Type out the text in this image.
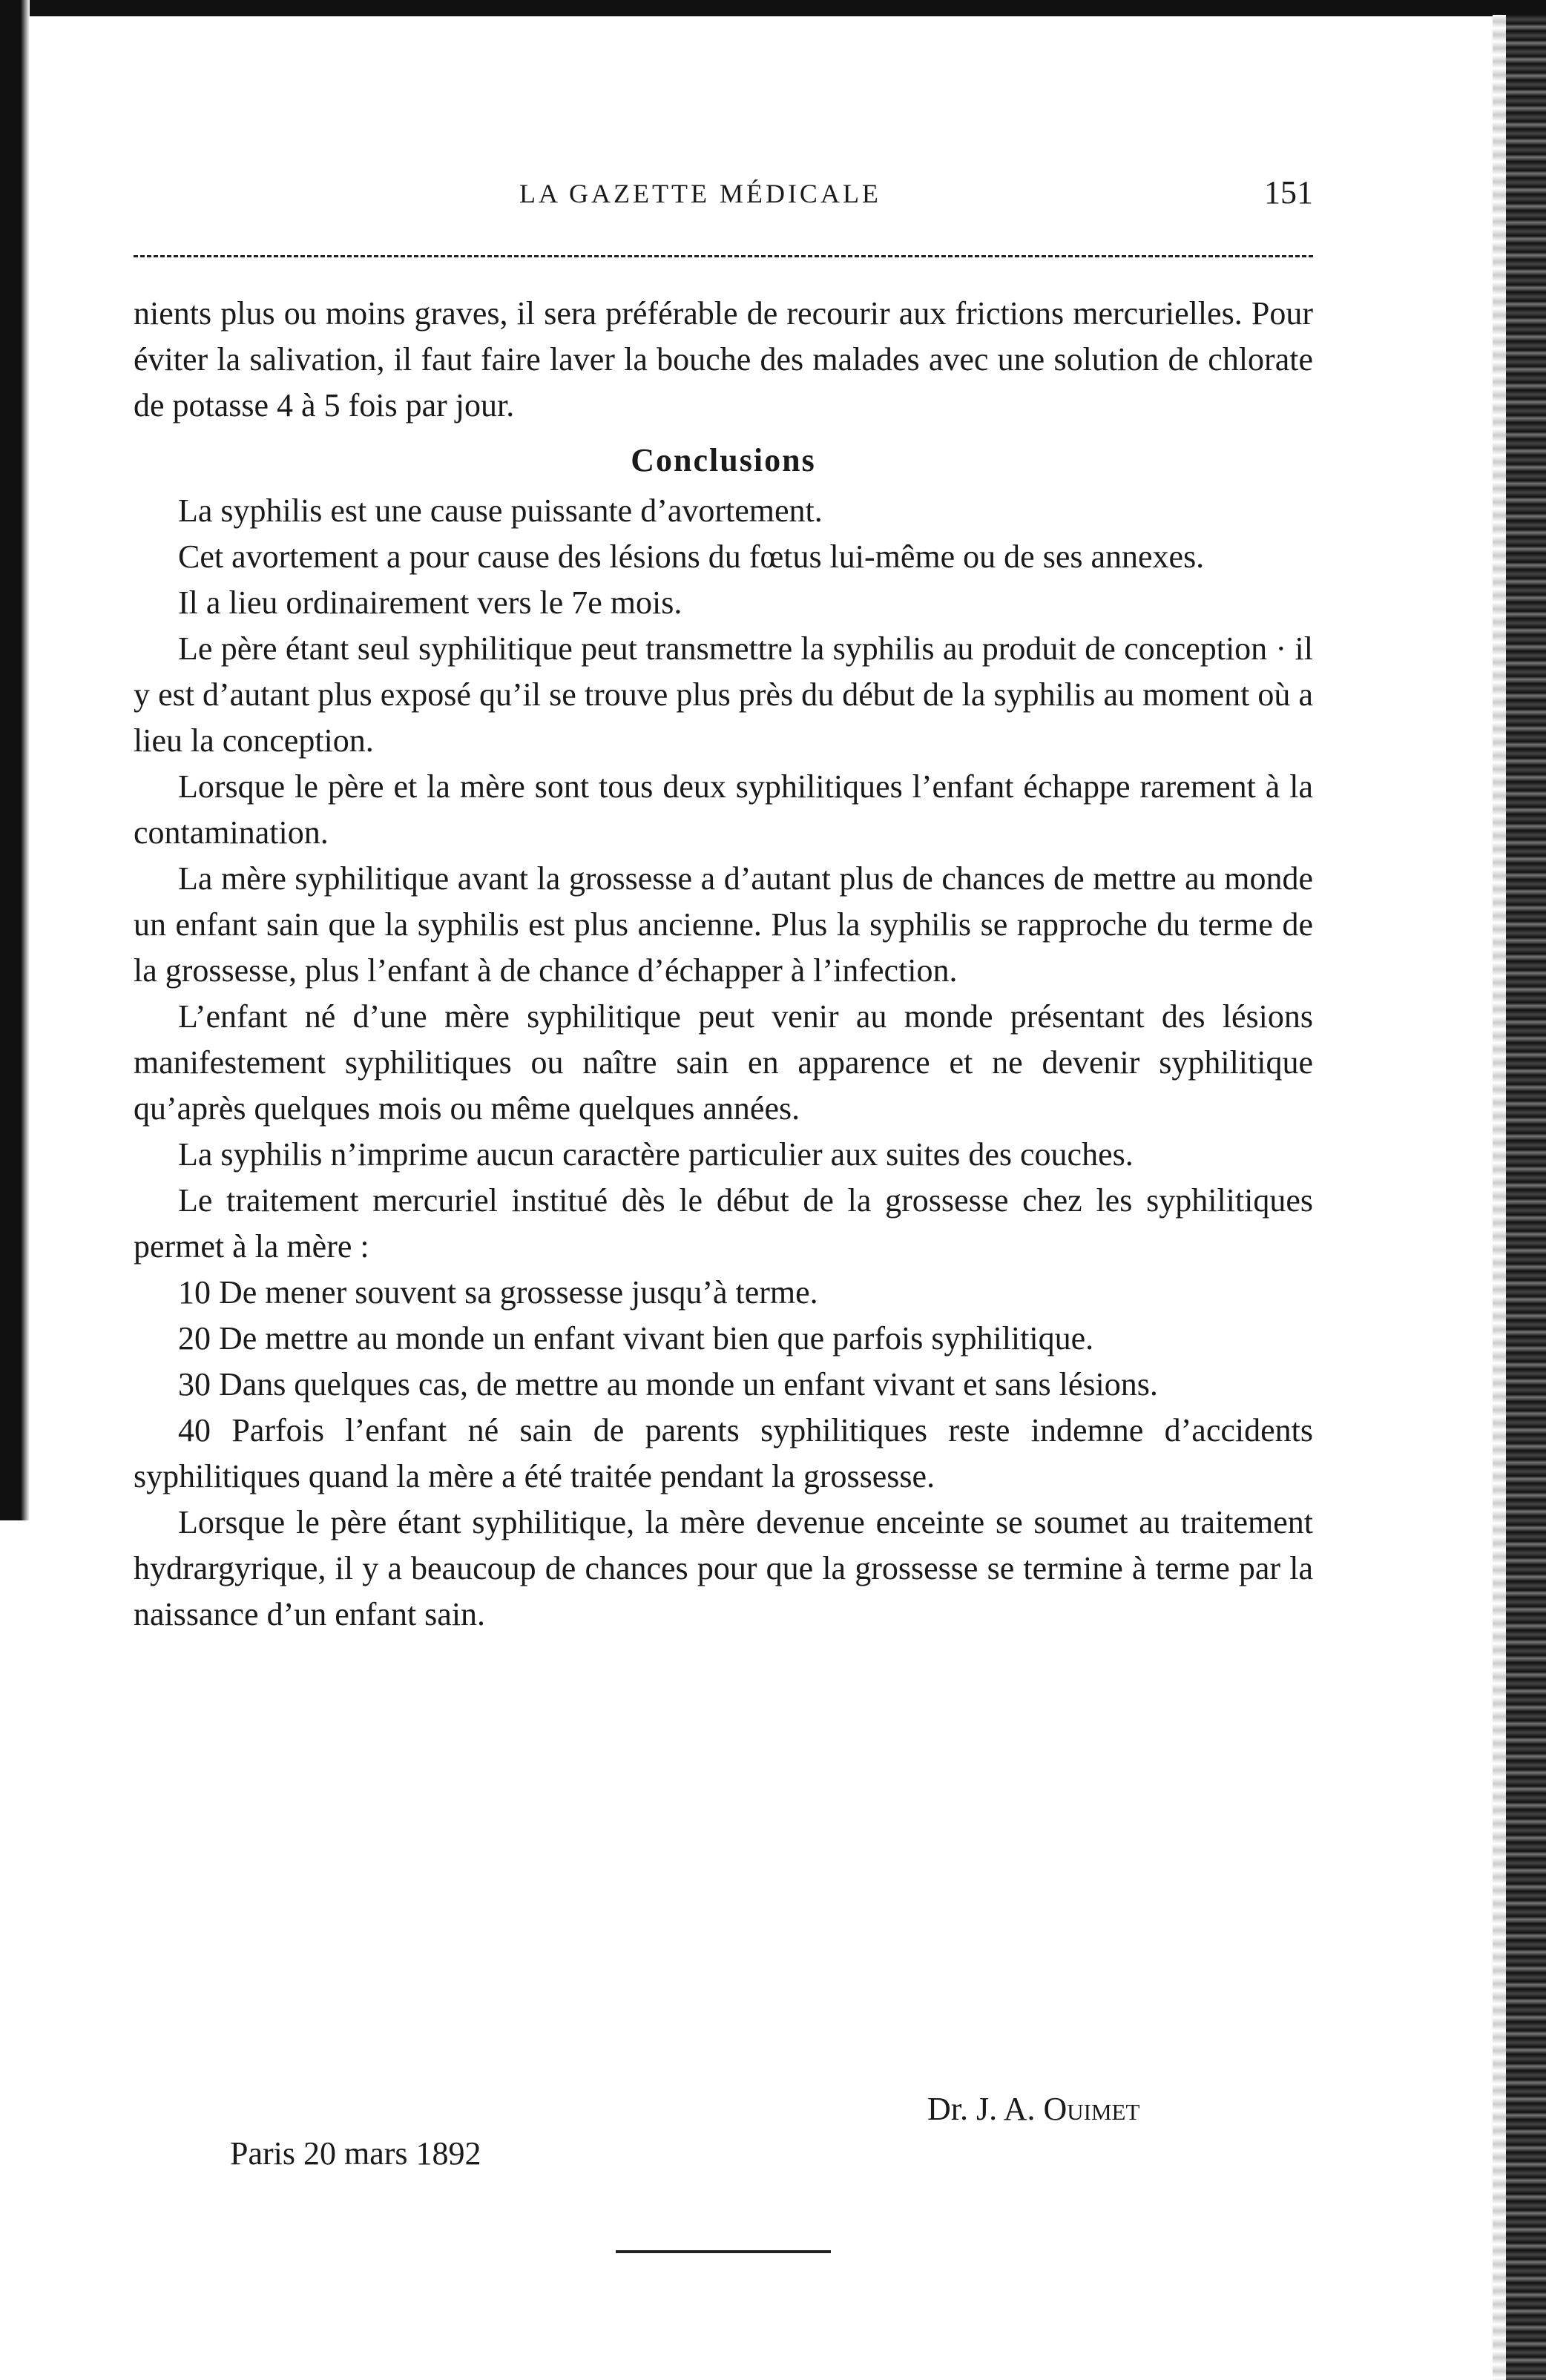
LA GAZETTE MÉDICALE	151

nients plus ou moins graves, il sera préférable de recourir aux frictions mercurielles. Pour éviter la salivation, il faut faire laver la bouche des malades avec une solution de chlorate de potasse 4 à 5 fois par jour.

Conclusions

La syphilis est une cause puissante d’avortement.

Cet avortement a pour cause des lésions du fœtus lui-même ou de ses annexes.

Il a lieu ordinairement vers le 7e mois.

Le père étant seul syphilitique peut transmettre la syphilis au produit de conception · il y est d’autant plus exposé qu’il se trouve plus près du début de la syphilis au moment où a lieu la conception.

Lorsque le père et la mère sont tous deux syphilitiques l’enfant échappe rarement à la contamination.

La mère syphilitique avant la grossesse a d’autant plus de chances de mettre au monde un enfant sain que la syphilis est plus ancienne. Plus la syphilis se rapproche du terme de la grossesse, plus l’enfant à de chance d’échapper à l’infection.

L’enfant né d’une mère syphilitique peut venir au monde présentant des lésions manifestement syphilitiques ou naître sain en apparence et ne devenir syphilitique qu’après quelques mois ou même quelques années.

La syphilis n’imprime aucun caractère particulier aux suites des couches.

Le traitement mercuriel institué dès le début de la grossesse chez les syphilitiques permet à la mère :

10 De mener souvent sa grossesse jusqu’à terme.

20 De mettre au monde un enfant vivant bien que parfois syphilitique.

30 Dans quelques cas, de mettre au monde un enfant vivant et sans lésions.

40 Parfois l’enfant né sain de parents syphilitiques reste indemne d’accidents syphilitiques quand la mère a été traitée pendant la grossesse.

Lorsque le père étant syphilitique, la mère devenue enceinte se soumet au traitement hydrargyrique, il y a beaucoup de chances pour que la grossesse se termine à terme par la naissance d’un enfant sain.

Dr. J. A. Ouimet
Paris 20 mars 1892
